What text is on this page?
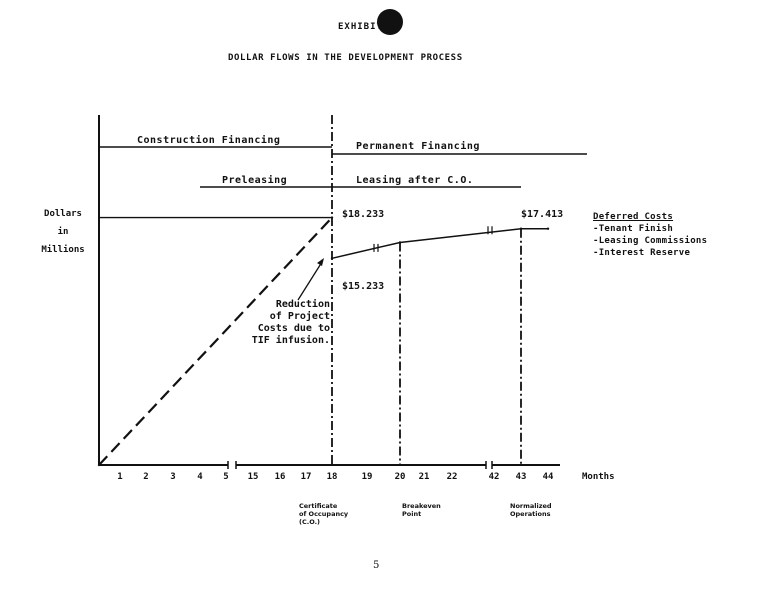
EXHIBIT
DOLLAR FLOWS IN THE DEVELOPMENT PROCESS
Dollars
in
Millions
Construction Financing
Permanent Financing
Preleasing	Leasing after C.O.
$18.233
$15.233
$17.413
Reduction
of Project
Costs due to
TIF infusion.
Deferred Costs
-Tenant Finish
-Leasing Commissions
-Interest Reserve
1 2 3 4 5 15 16 17 18	19 20 21 22	42 43 44	Months
Certificate
of Occupancy
(C.O.)
Breakeven
Point
Normalized
Operations
5
